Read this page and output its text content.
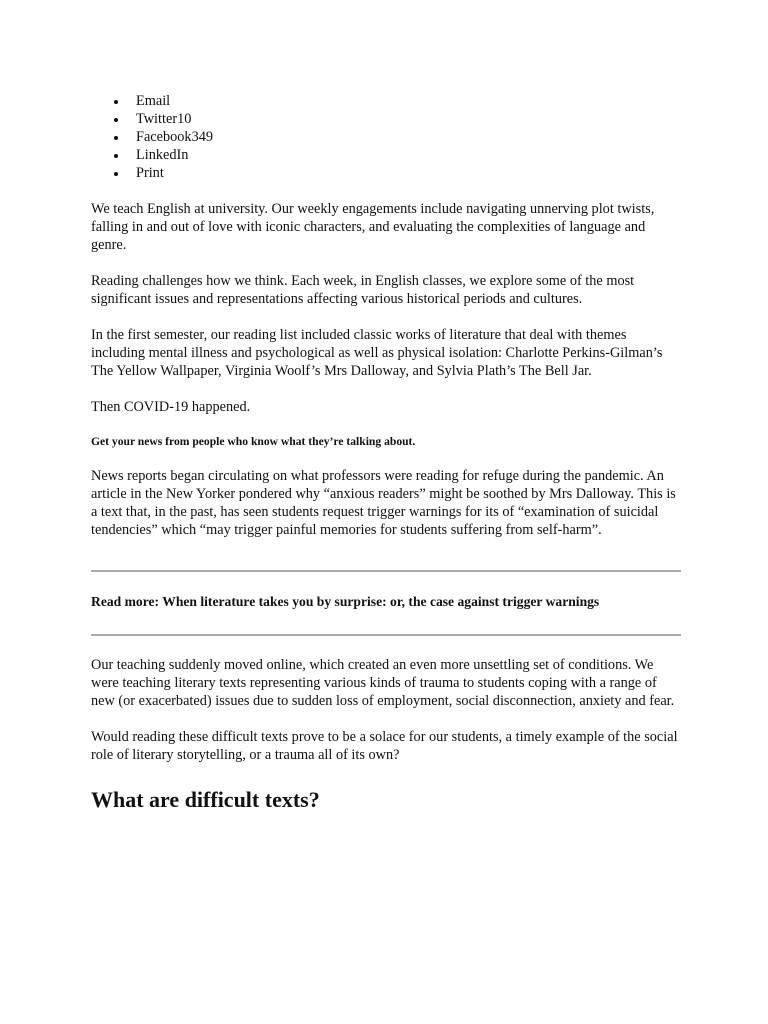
Email
Twitter10
Facebook349
LinkedIn
Print

We teach English at university. Our weekly engagements include navigating unnerving plot twists, falling in and out of love with iconic characters, and evaluating the complexities of language and genre.

Reading challenges how we think. Each week, in English classes, we explore some of the most significant issues and representations affecting various historical periods and cultures.

In the first semester, our reading list included classic works of literature that deal with themes including mental illness and psychological as well as physical isolation: Charlotte Perkins-Gilman’s The Yellow Wallpaper, Virginia Woolf’s Mrs Dalloway, and Sylvia Plath’s The Bell Jar.

Then COVID-19 happened.

Get your news from people who know what they’re talking about.

News reports began circulating on what professors were reading for refuge during the pandemic. An article in the New Yorker pondered why “anxious readers” might be soothed by Mrs Dalloway. This is a text that, in the past, has seen students request trigger warnings for its of “examination of suicidal tendencies” which “may trigger painful memories for students suffering from self-harm”.

Read more: When literature takes you by surprise: or, the case against trigger warnings

Our teaching suddenly moved online, which created an even more unsettling set of conditions. We were teaching literary texts representing various kinds of trauma to students coping with a range of new (or exacerbated) issues due to sudden loss of employment, social disconnection, anxiety and fear.

Would reading these difficult texts prove to be a solace for our students, a timely example of the social role of literary storytelling, or a trauma all of its own?

What are difficult texts?
